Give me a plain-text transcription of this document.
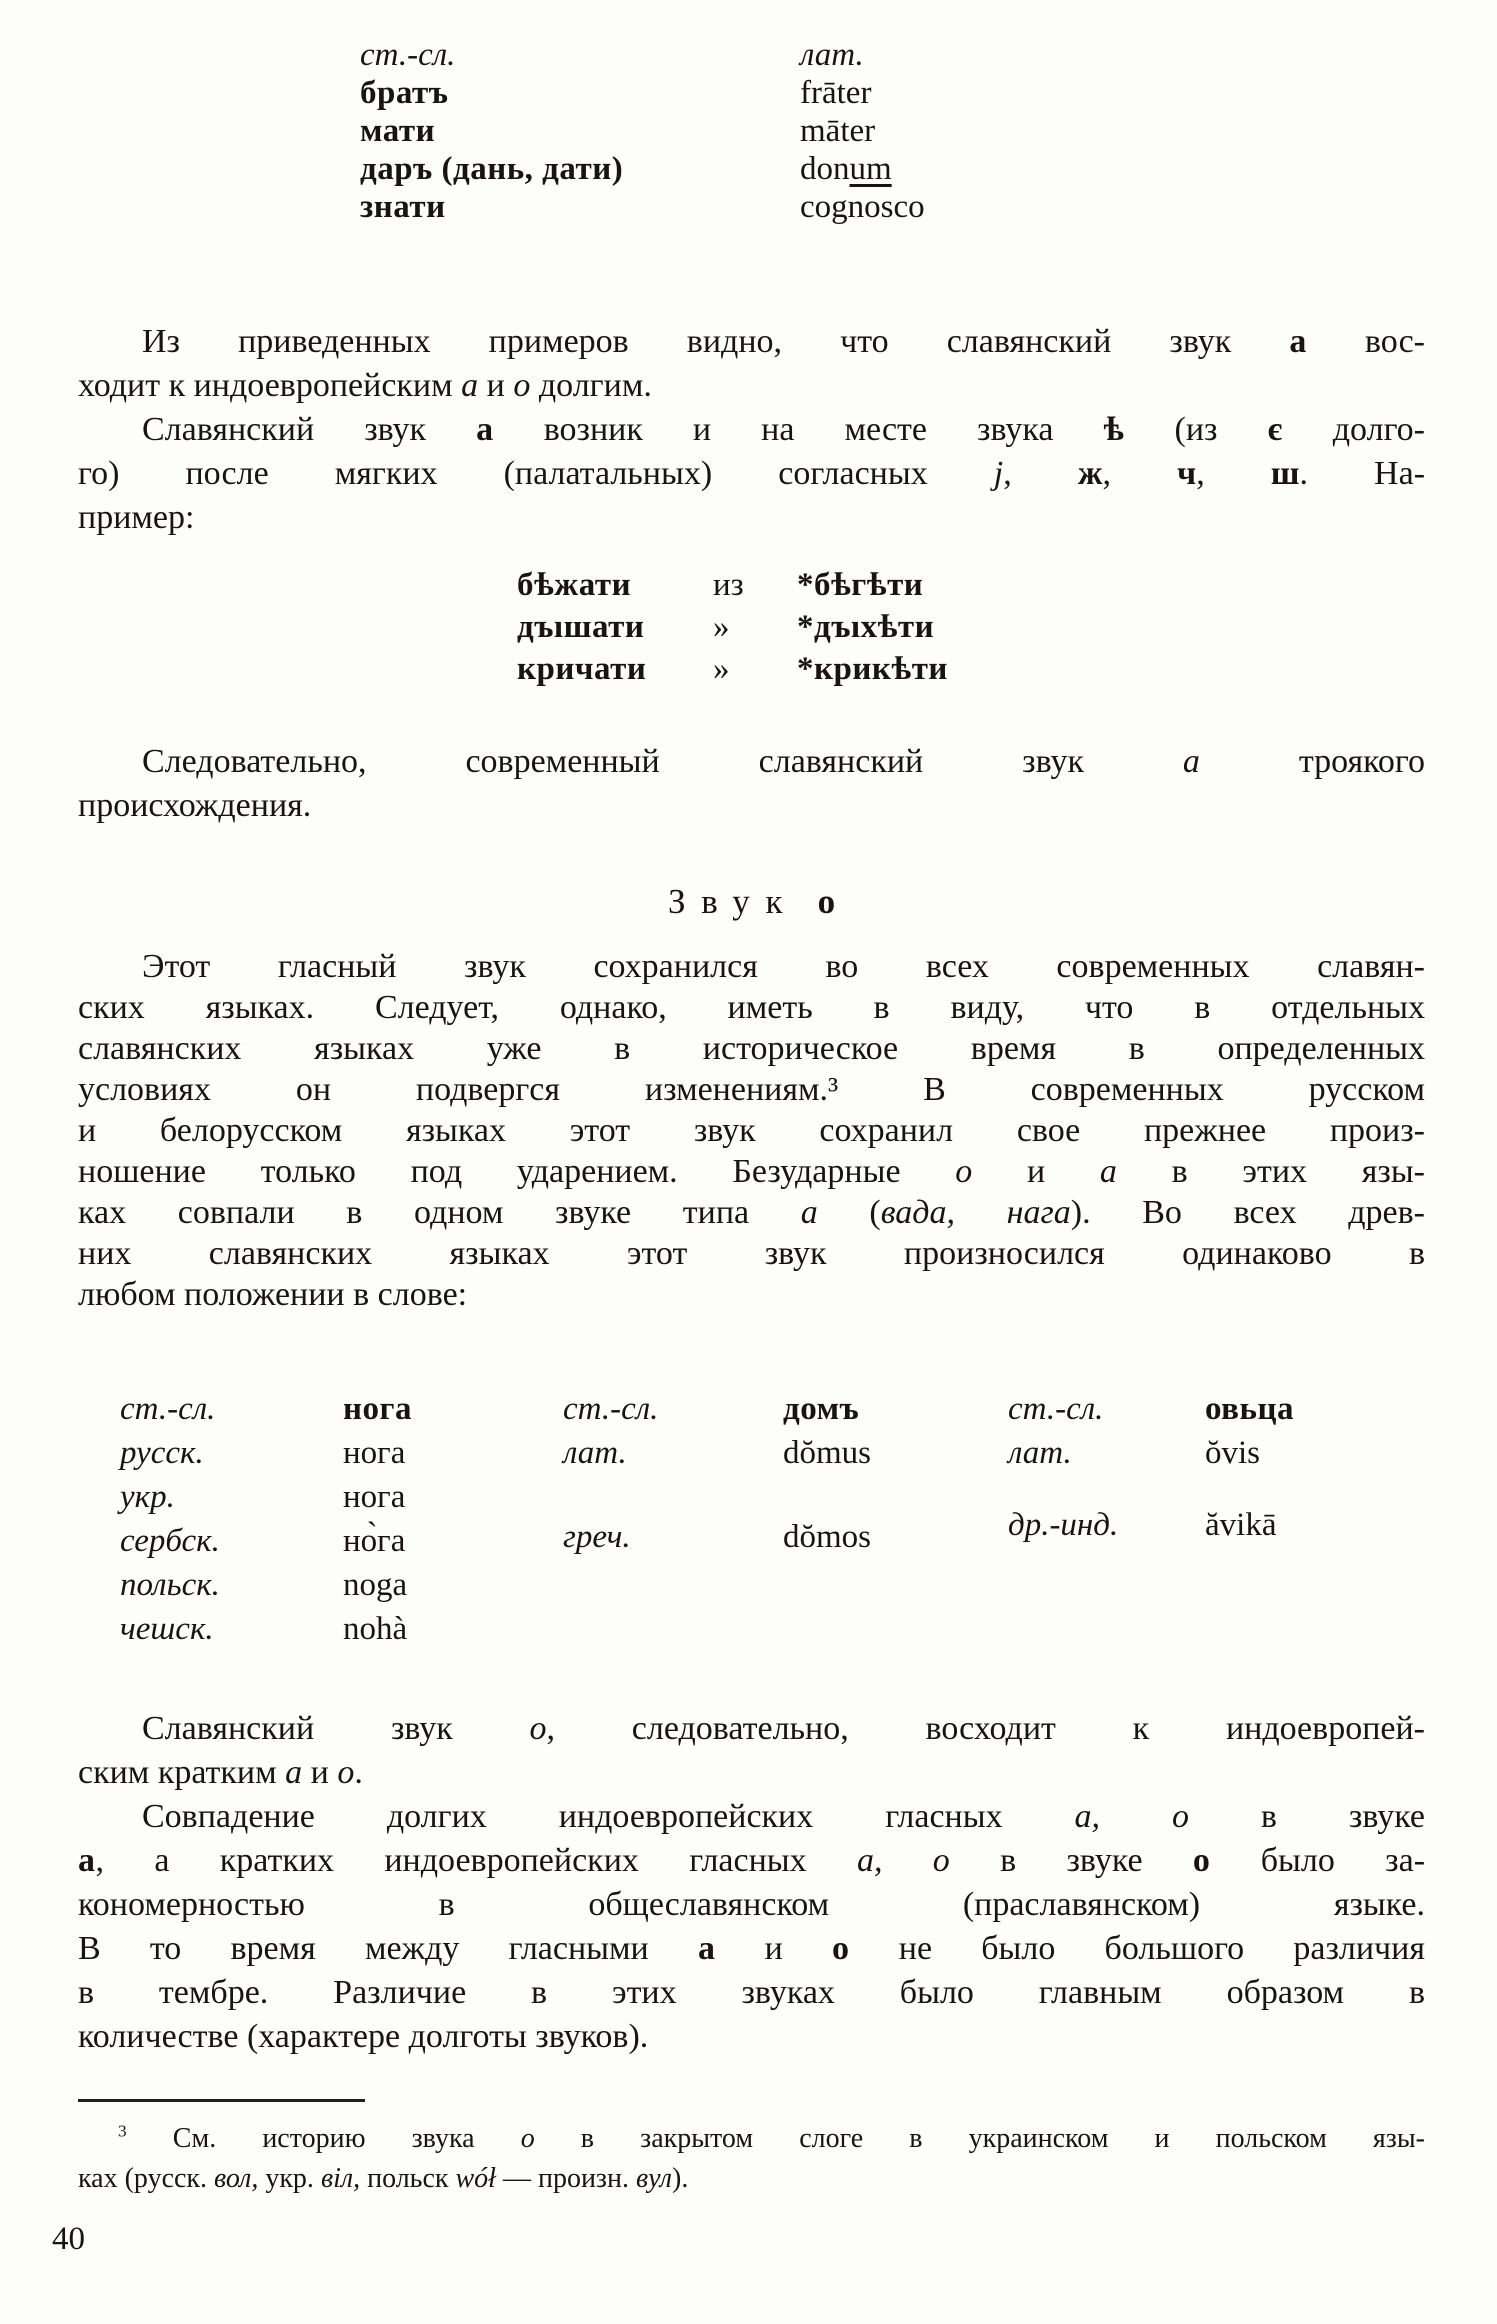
ст.-сл.	лат.
братъ	frāter
мати	māter
даръ (дань, дати)	donum
знати	cognosco
Из приведенных примеров видно, что славянский звук а вос-
ходит к индоевропейским а и о долгим.
Славянский звук а возник и на месте звука ѣ (из є долго-
го) после мягких (палатальных) согласных j, ж, ч, ш. На-
пример:
бѣжати	из	*бѣгѣти
дъıшати	»	*дъıхѣти
кричати	»	*крикѣти
Следовательно, современный славянский звук а троякого
происхождения.
Звук о
Этот гласный звук сохранился во всех современных славян-
ских языках. Следует, однако, иметь в виду, что в отдельных
славянских языках уже в историческое время в определенных
условиях он подвергся изменениям.³ В современных русском
и белорусском языках этот звук сохранил свое прежнее произ-
ношение только под ударением. Безударные о и а в этих язы-
ках совпали в одном звуке типа а (вада, нага). Во всех древ-
них славянских языках этот звук произносился одинаково в
любом положении в слове:
ст.-сл.	нога
русск.	нога
укр.	нога
сербск.	но̀га
польск.	noga
чешск.	nohà
ст.-сл.	домъ
лат.	dŏmus
греч.	dŏmos
ст.-сл.	овьца
лат.	ŏvis
др.-инд.	ăvikā
Славянский звук о, следовательно, восходит к индоевропей-
ским кратким а и о.
Совпадение долгих индоевропейских гласных а, о в звуке
а, а кратких индоевропейских гласных а, о в звуке о было за-
кономерностью в общеславянском (праславянском) языке.
В то время между гласными а и о не было большого различия
в тембре. Различие в этих звуках было главным образом в
количестве (характере долготы звуков).
$^3$ См. историю звука о в закрытом слоге в украинском и польском язы-
ках (русск. вол, укр. віл, польск wół — произн. вул).
40
